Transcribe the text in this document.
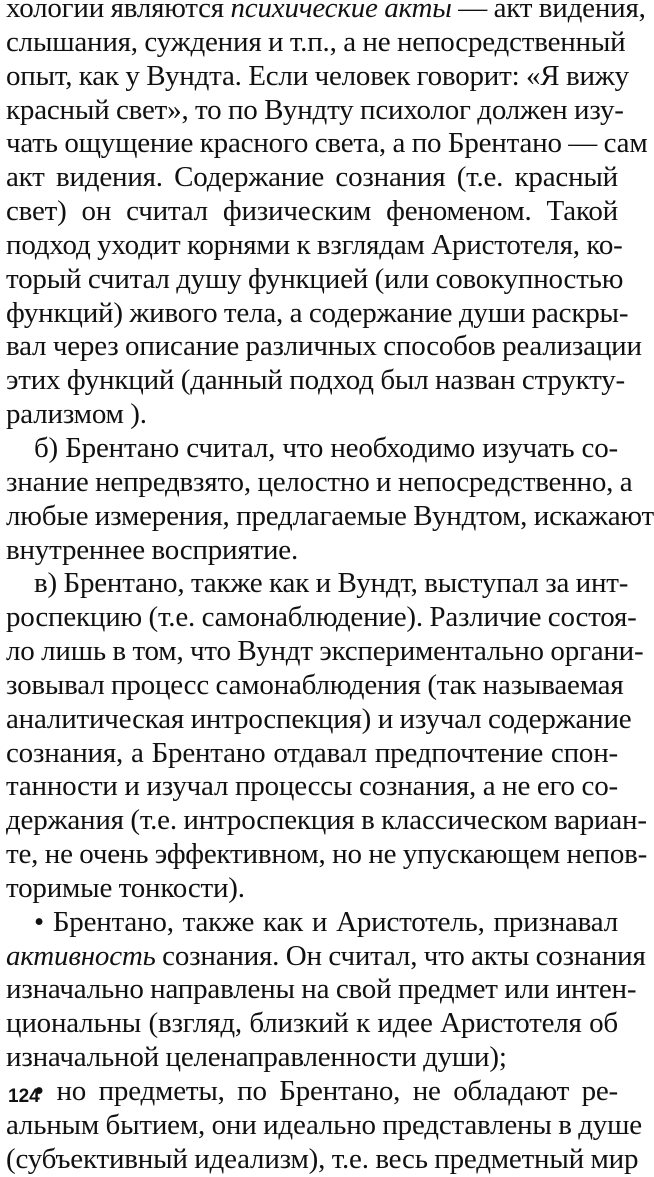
хологии являются психические акты — акт видения,
слышания, суждения и т.п., а не непосредственный
опыт, как у Вундта. Если человек говорит: «Я вижу
красный свет», то по Вундту психолог должен изу-
чать ощущение красного света, а по Брентано — сам
акт видения. Содержание сознания (т.е. красный
свет) он считал физическим феноменом. Такой
подход уходит корнями к взглядам Аристотеля, ко-
торый считал душу функцией (или совокупностью
функций) живого тела, а содержание души раскры-
вал через описание различных способов реализации
этих функций (данный подход был назван структу-
рализмом ).
б) Брентано считал, что необходимо изучать со-
знание непредвзято, целостно и непосредственно, а
любые измерения, предлагаемые Вундтом, искажают
внутреннее восприятие.
в) Брентано, также как и Вундт, выступал за инт-
роспекцию (т.е. самонаблюдение). Различие состоя-
ло лишь в том, что Вундт экспериментально органи-
зовывал процесс самонаблюдения (так называемая
аналитическая интроспекция) и изучал содержание
сознания, а Брентано отдавал предпочтение спон-
танности и изучал процессы сознания, а не его со-
держания (т.е. интроспекция в классическом вариан-
те, не очень эффективном, но не упускающем непов-
торимые тонкости).
• Брентано, также как и Аристотель, признавал
активность сознания. Он считал, что акты сознания
изначально направлены на свой предмет или интен-
циональны (взгляд, близкий к идее Аристотеля об
изначальной целенаправленности души);
• но предметы, по Брентано, не обладают ре-
альным бытием, они идеально представлены в душе
(субъективный идеализм), т.е. весь предметный мир
124
